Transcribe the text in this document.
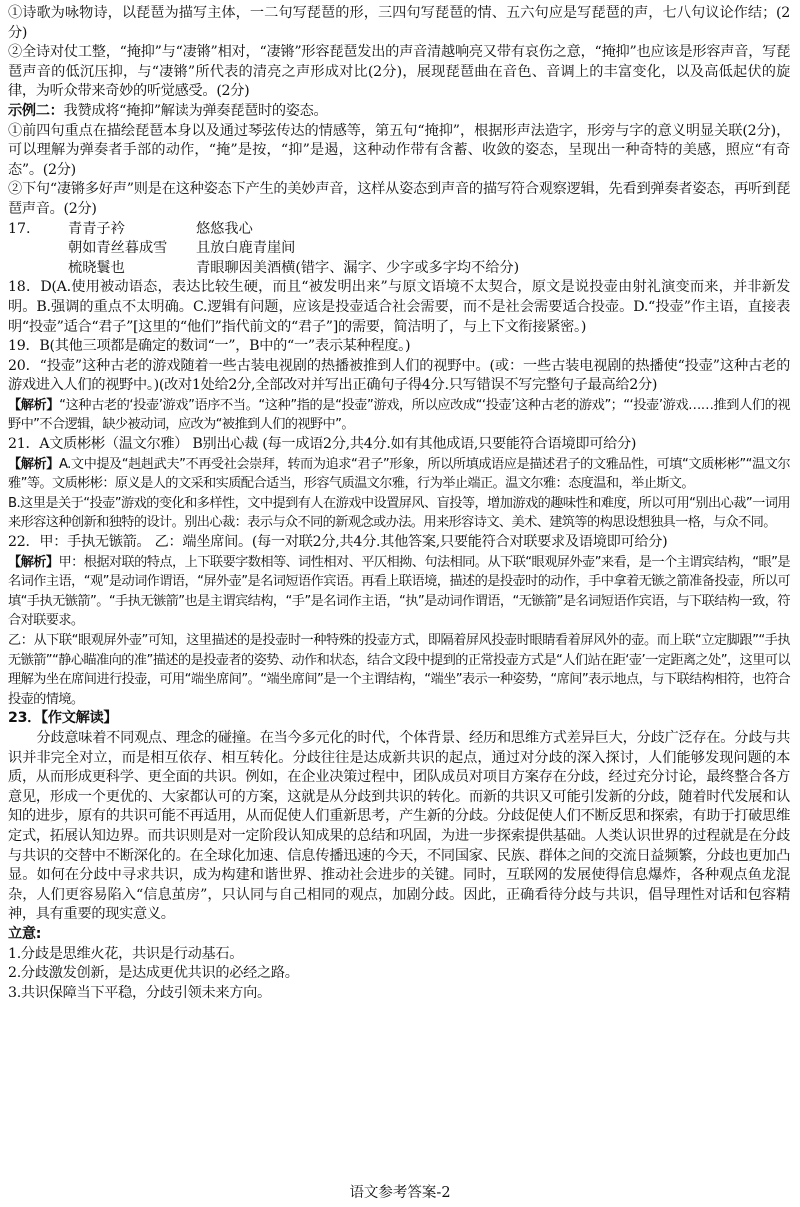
①诗歌为咏物诗，以琵琶为描写主体，一二句写琵琶的形，三四句写琵琶的情、五六句应是写琵琶的声，七八句议论作结；(2分)

②全诗对仗工整，“掩抑”与“凄锵”相对，“凄锵”形容琵琶发出的声音清越响亮又带有哀伤之意，“掩抑”也应该是形容声音，写琵琶声音的低沉压抑，与“凄锵”所代表的清亮之声形成对比(2分)，展现琵琶曲在音色、音调上的丰富变化，以及高低起伏的旋律，为听众带来奇妙的听觉感受。(2分)

示例二：我赞成将“掩抑”解读为弹奏琵琶时的姿态。

①前四句重点在描绘琵琶本身以及通过琴弦传达的情感等，第五句“掩抑”，根据形声法造字，形旁与字的意义明显关联(2分)，可以理解为弹奏者手部的动作，“掩”是按，“抑”是遏，这种动作带有含蓄、收敛的姿态，呈现出一种奇特的美感，照应“有奇态”。(2分)

②下句“凄锵多好声”则是在这种姿态下产生的美妙声音，这样从姿态到声音的描写符合观察逻辑，先看到弹奏者姿态，再听到琵琶声音。(2分)

17.	青青子衿	悠悠我心
朝如青丝暮成雪	且放白鹿青崖间
梳晓鬟也	青眼聊因美酒横(错字、漏字、少字或多字均不给分)

18．D(A.使用被动语态，表达比较生硬，而且“被发明出来”与原文语境不太契合，原文是说投壶由射礼演变而来，并非新发明。B.强调的重点不太明确。C.逻辑有问题，应该是投壶适合社会需要，而不是社会需要适合投壶。D.“投壶”作主语，直接表明“投壶”适合“君子”[这里的“他们”指代前文的“君子”]的需要，简洁明了，与上下文衔接紧密。)

19．B(其他三项都是确定的数词“一”，B中的“一”表示某种程度。)

20．“投壶”这种古老的游戏随着一些古装电视剧的热播被推到人们的视野中。(或：一些古装电视剧的热播使“投壶”这种古老的游戏进入人们的视野中。)(改对1处给2分,全部改对并写出正确句子得4分.只写错误不写完整句子最高给2分)

【解析】“这种古老的‘投壶’游戏”语序不当。“这种”指的是“投壶”游戏，所以应改成“‘投壶’这种古老的游戏”；“‘投壶’游戏……推到人们的视野中”不合逻辑，缺少被动词，应改为“被推到人们的视野中”。

21．A文质彬彬（温文尔雅） B别出心裁 (每一成语2分,共4分.如有其他成语,只要能符合语境即可给分)

【解析】A.文中提及“赳赳武夫”不再受社会崇拜，转而为追求“君子”形象，所以所填成语应是描述君子的文雅品性，可填“文质彬彬”“温文尔雅”等。文质彬彬：原义是人的文采和实质配合适当，形容气质温文尔雅，行为举止端正。温文尔雅：态度温和，举止斯文。

B.这里是关于“投壶”游戏的变化和多样性，文中提到有人在游戏中设置屏风、盲投等，增加游戏的趣味性和难度，所以可用“别出心裁”一词用来形容这种创新和独特的设计。别出心裁：表示与众不同的新观念或办法。用来形容诗文、美术、建筑等的构思设想独具一格，与众不同。

22．甲：手执无镞箭。 乙：端坐席间。(每一对联2分,共4分.其他答案,只要能符合对联要求及语境即可给分)

【解析】甲：根据对联的特点，上下联要字数相等、词性相对、平仄相拗、句法相同。从下联“眼观屏外壶”来看，是一个主谓宾结构，“眼”是名词作主语，“观”是动词作谓语，“屏外壶”是名词短语作宾语。再看上联语境，描述的是投壶时的动作，手中拿着无镞之箭准备投壶，所以可填“手执无镞箭”。“手执无镞箭”也是主谓宾结构，“手”是名词作主语，“执”是动词作谓语，“无镞箭”是名词短语作宾语，与下联结构一致，符合对联要求。

乙：从下联“眼观屏外壶”可知，这里描述的是投壶时一种特殊的投壶方式，即隔着屏风投壶时眼睛看着屏风外的壶。而上联“立定脚跟”“手执无镞箭”“静心瞄准向的准”描述的是投壶者的姿势、动作和状态，结合文段中提到的正常投壶方式是“人们站在距‘壶’一定距离之处”，这里可以理解为坐在席间进行投壶，可用“端坐席间”。“端坐席间”是一个主谓结构，“端坐”表示一种姿势，“席间”表示地点，与下联结构相符，也符合投壶的情境。

23．【作文解读】

分歧意味着不同观点、理念的碰撞。在当今多元化的时代，个体背景、经历和思维方式差异巨大，分歧广泛存在。分歧与共识并非完全对立，而是相互依存、相互转化。分歧往往是达成新共识的起点，通过对分歧的深入探讨，人们能够发现问题的本质，从而形成更科学、更全面的共识。例如，在企业决策过程中，团队成员对项目方案存在分歧，经过充分讨论，最终整合各方意见，形成一个更优的、大家都认可的方案，这就是从分歧到共识的转化。而新的共识又可能引发新的分歧，随着时代发展和认知的进步，原有的共识可能不再适用，从而促使人们重新思考，产生新的分歧。分歧促使人们不断反思和探索，有助于打破思维定式，拓展认知边界。而共识则是对一定阶段认知成果的总结和巩固，为进一步探索提供基础。人类认识世界的过程就是在分歧与共识的交替中不断深化的。在全球化加速、信息传播迅速的今天，不同国家、民族、群体之间的交流日益频繁，分歧也更加凸显。如何在分歧中寻求共识，成为构建和谐世界、推动社会进步的关键。同时，互联网的发展使得信息爆炸，各种观点鱼龙混杂，人们更容易陷入“信息茧房”，只认同与自己相同的观点，加剧分歧。因此，正确看待分歧与共识，倡导理性对话和包容精神，具有重要的现实意义。

立意:

1.分歧是思维火花，共识是行动基石。

2.分歧激发创新，是达成更优共识的必经之路。

3.共识保障当下平稳，分歧引领未来方向。

语文参考答案-2
